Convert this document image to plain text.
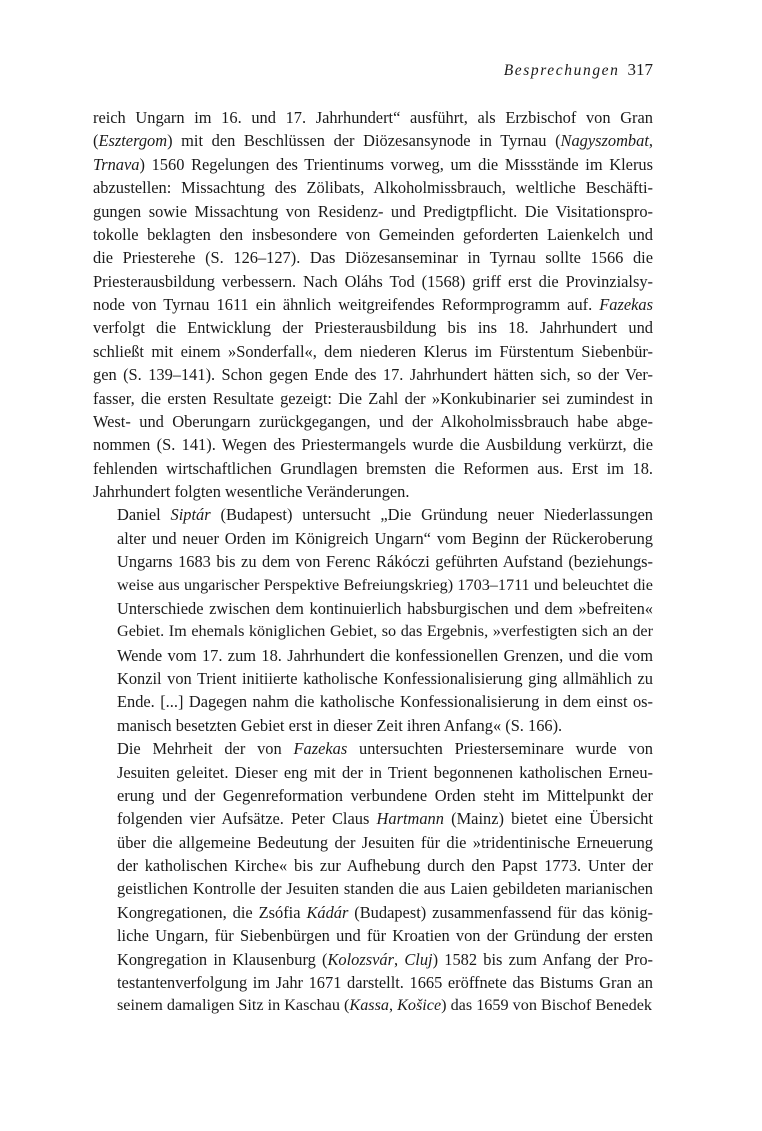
Besprechungen 317

reich Ungarn im 16. und 17. Jahrhundert“ ausführt, als Erzbischof von Gran
(Esztergom) mit den Beschlüssen der Diözesansynode in Tyrnau (Nagyszombat,
Trnava) 1560 Regelungen des Trientinums vorweg, um die Missstände im Klerus
abzustellen: Missachtung des Zölibats, Alkoholmissbrauch, weltliche Beschäfti-
gungen sowie Missachtung von Residenz- und Predigtpflicht. Die Visitationspro-
tokolle beklagten den insbesondere von Gemeinden geforderten Laienkelch und
die Priesterehe (S. 126–127). Das Diözesanseminar in Tyrnau sollte 1566 die
Priesterausbildung verbessern. Nach Oláhs Tod (1568) griff erst die Provinzialsy-
node von Tyrnau 1611 ein ähnlich weitgreifendes Reformprogramm auf. Fazekas
verfolgt die Entwicklung der Priesterausbildung bis ins 18. Jahrhundert und
schließt mit einem »Sonderfall«, dem niederen Klerus im Fürstentum Siebenbür-
gen (S. 139–141). Schon gegen Ende des 17. Jahrhundert hätten sich, so der Ver-
fasser, die ersten Resultate gezeigt: Die Zahl der »Konkubinarier sei zumindest in
West- und Oberungarn zurückgegangen, und der Alkoholmissbrauch habe abge-
nommen (S. 141). Wegen des Priestermangels wurde die Ausbildung verkürzt, die
fehlenden wirtschaftlichen Grundlagen bremsten die Reformen aus. Erst im 18.
Jahrhundert folgten wesentliche Veränderungen.

Daniel Siptár (Budapest) untersucht „Die Gründung neuer Niederlassungen
alter und neuer Orden im Königreich Ungarn“ vom Beginn der Rückeroberung
Ungarns 1683 bis zu dem von Ferenc Rákóczi geführten Aufstand (beziehungs-
weise aus ungarischer Perspektive Befreiungskrieg) 1703–1711 und beleuchtet die
Unterschiede zwischen dem kontinuierlich habsburgischen und dem »befreiten«
Gebiet. Im ehemals königlichen Gebiet, so das Ergebnis, »verfestigten sich an der
Wende vom 17. zum 18. Jahrhundert die konfessionellen Grenzen, und die vom
Konzil von Trient initiierte katholische Konfessionalisierung ging allmählich zu
Ende. [...] Dagegen nahm die katholische Konfessionalisierung in dem einst os-
manisch besetzten Gebiet erst in dieser Zeit ihren Anfang« (S. 166).

Die Mehrheit der von Fazekas untersuchten Priesterseminare wurde von
Jesuiten geleitet. Dieser eng mit der in Trient begonnenen katholischen Erneu-
erung und der Gegenreformation verbundene Orden steht im Mittelpunkt der
folgenden vier Aufsätze. Peter Claus Hartmann (Mainz) bietet eine Übersicht
über die allgemeine Bedeutung der Jesuiten für die »tridentinische Erneuerung
der katholischen Kirche« bis zur Aufhebung durch den Papst 1773. Unter der
geistlichen Kontrolle der Jesuiten standen die aus Laien gebildeten marianischen
Kongregationen, die Zsófia Kádár (Budapest) zusammenfassend für das könig-
liche Ungarn, für Siebenbürgen und für Kroatien von der Gründung der ersten
Kongregation in Klausenburg (Kolozsvár, Cluj) 1582 bis zum Anfang der Pro-
testantenverfolgung im Jahr 1671 darstellt. 1665 eröffnete das Bistums Gran an
seinem damaligen Sitz in Kaschau (Kassa, Košice) das 1659 von Bischof Benedek
